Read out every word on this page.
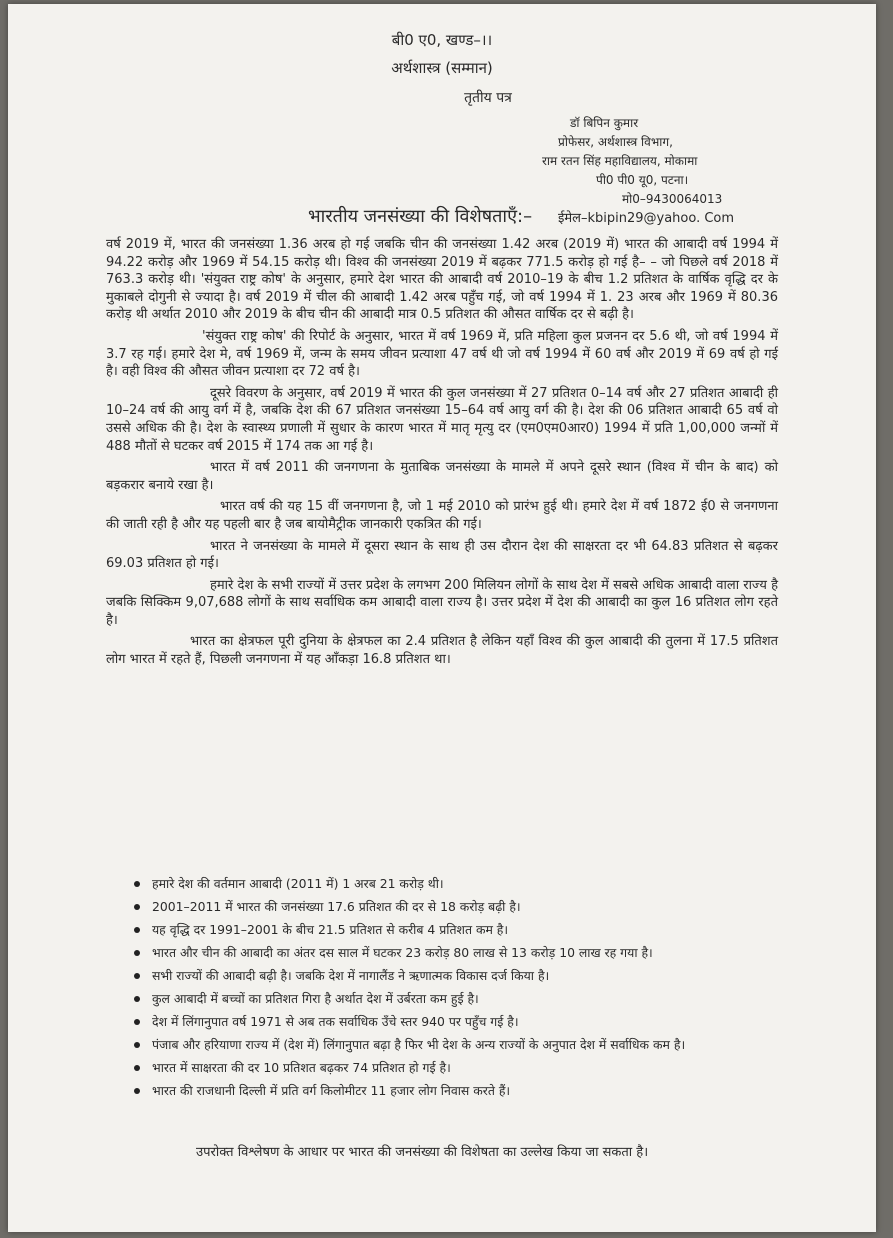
बी0 ए0, खण्ड–।।
अर्थशास्त्र (सम्मान)
तृतीय पत्र
डॉ बिपिन कुमार
प्रोफेसर, अर्थशास्त्र विभाग,
राम रतन सिंह महाविद्यालय, मोकामा
पी0 पी0 यू0, पटना।
मो0–9430064013
ईमेल–kbipin29@yahoo. Com
भारतीय जनसंख्या की विशेषताएँ:–

वर्ष 2019 में, भारत की जनसंख्या 1.36 अरब हो गई जबकि चीन की जनसंख्या 1.42 अरब (2019 में) भारत की आबादी वर्ष 1994 में 94.22 करोड़ और 1969 में 54.15 करोड़ थी। विश्व की जनसंख्या 2019 में बढ़कर 771.5 करोड़ हो गई है– – जो पिछले वर्ष 2018 में 763.3 करोड़ थी। 'संयुक्त राष्ट्र कोष' के अनुसार, हमारे देश भारत की आबादी वर्ष 2010–19 के बीच 1.2 प्रतिशत के वार्षिक वृद्धि दर के मुकाबले दोगुनी से ज्यादा है। वर्ष 2019 में चील की आबादी 1.42 अरब पहुँच गई, जो वर्ष 1994 में 1. 23 अरब और 1969 में 80.36 करोड़ थी अर्थात 2010 और 2019 के बीच चीन की आबादी मात्र 0.5 प्रतिशत की औसत वार्षिक दर से बढ़ी है।

'संयुक्त राष्ट्र कोष' की रिपोर्ट के अनुसार, भारत में वर्ष 1969 में, प्रति महिला कुल प्रजनन दर 5.6 थी, जो वर्ष 1994 में 3.7 रह गई। हमारे देश मे, वर्ष 1969 में, जन्म के समय जीवन प्रत्याशा 47 वर्ष थी जो वर्ष 1994 में 60 वर्ष और 2019 में 69 वर्ष हो गई है। वही विश्व की औसत जीवन प्रत्याशा दर 72 वर्ष है।

दूसरे विवरण के अनुसार, वर्ष 2019 में भारत की कुल जनसंख्या में 27 प्रतिशत 0–14 वर्ष और 27 प्रतिशत आबादी ही 10–24 वर्ष की आयु वर्ग में है, जबकि देश की 67 प्रतिशत जनसंख्या 15–64 वर्ष आयु वर्ग की है। देश की 06 प्रतिशत आबादी 65 वर्ष वो उससे अधिक की है। देश के स्वास्थ्य प्रणाली में सुधार के कारण भारत में मातृ मृत्यु दर (एम0एम0आर0) 1994 में प्रति 1,00,000 जन्मों में 488 मौतों से घटकर वर्ष 2015 में 174 तक आ गई है।

भारत में वर्ष 2011 की जनगणना के मुताबिक जनसंख्या के मामले में अपने दूसरे स्थान (विश्व में चीन के बाद) को बड़करार बनाये रखा है।

भारत वर्ष की यह 15 वीं जनगणना है, जो 1 मई 2010 को प्रारंभ हुई थी। हमारे देश में वर्ष 1872 ई0 से जनगणना की जाती रही है और यह पहली बार है जब बायोमैट्रीक जानकारी एकत्रित की गई।

भारत ने जनसंख्या के मामले में दूसरा स्थान के साथ ही उस दौरान देश की साक्षरता दर भी 64.83 प्रतिशत से बढ़कर 69.03 प्रतिशत हो गई।

हमारे देश के सभी राज्यों में उत्तर प्रदेश के लगभग 200 मिलियन लोगों के साथ देश में सबसे अधिक आबादी वाला राज्य है जबकि सिक्किम 9,07,688 लोगों के साथ सर्वाधिक कम आबादी वाला राज्य है। उत्तर प्रदेश में देश की आबादी का कुल 16 प्रतिशत लोग रहते है।

भारत का क्षेत्रफल पूरी दुनिया के क्षेत्रफल का 2.4 प्रतिशत है लेकिन यहाँ विश्व की कुल आबादी की तुलना में 17.5 प्रतिशत लोग भारत में रहते हैं, पिछली जनगणना में यह आँकड़ा 16.8 प्रतिशत था।

हमारे देश की वर्तमान आबादी (2011 में) 1 अरब 21 करोड़ थी।
2001–2011 में भारत की जनसंख्या 17.6 प्रतिशत की दर से 18 करोड़ बढ़ी है।
यह वृद्धि दर 1991–2001 के बीच 21.5 प्रतिशत से करीब 4 प्रतिशत कम है।
भारत और चीन की आबादी का अंतर दस साल में घटकर 23 करोड़ 80 लाख से 13 करोड़ 10 लाख रह गया है।
सभी राज्यों की आबादी बढ़ी है। जबकि देश में नागालैंड ने ऋणात्मक विकास दर्ज किया है।
कुल आबादी में बच्चों का प्रतिशत गिरा है अर्थात देश में उर्बरता कम हुई है।
देश में लिंगानुपात वर्ष 1971 से अब तक सर्वाधिक उँचे स्तर 940 पर पहुँच गई है।
पंजाब और हरियाणा राज्य में (देश में) लिंगानुपात बढ़ा है फिर भी देश के अन्य राज्यों के अनुपात देश में सर्वाधिक कम है।
भारत में साक्षरता की दर 10 प्रतिशत बढ़कर 74 प्रतिशत हो गई है।
भारत की राजधानी दिल्ली में प्रति वर्ग किलोमीटर 11 हजार लोग निवास करते हैं।
उपरोक्त विश्लेषण के आधार पर भारत की जनसंख्या की विशेषता का उल्लेख किया जा सकता है।
